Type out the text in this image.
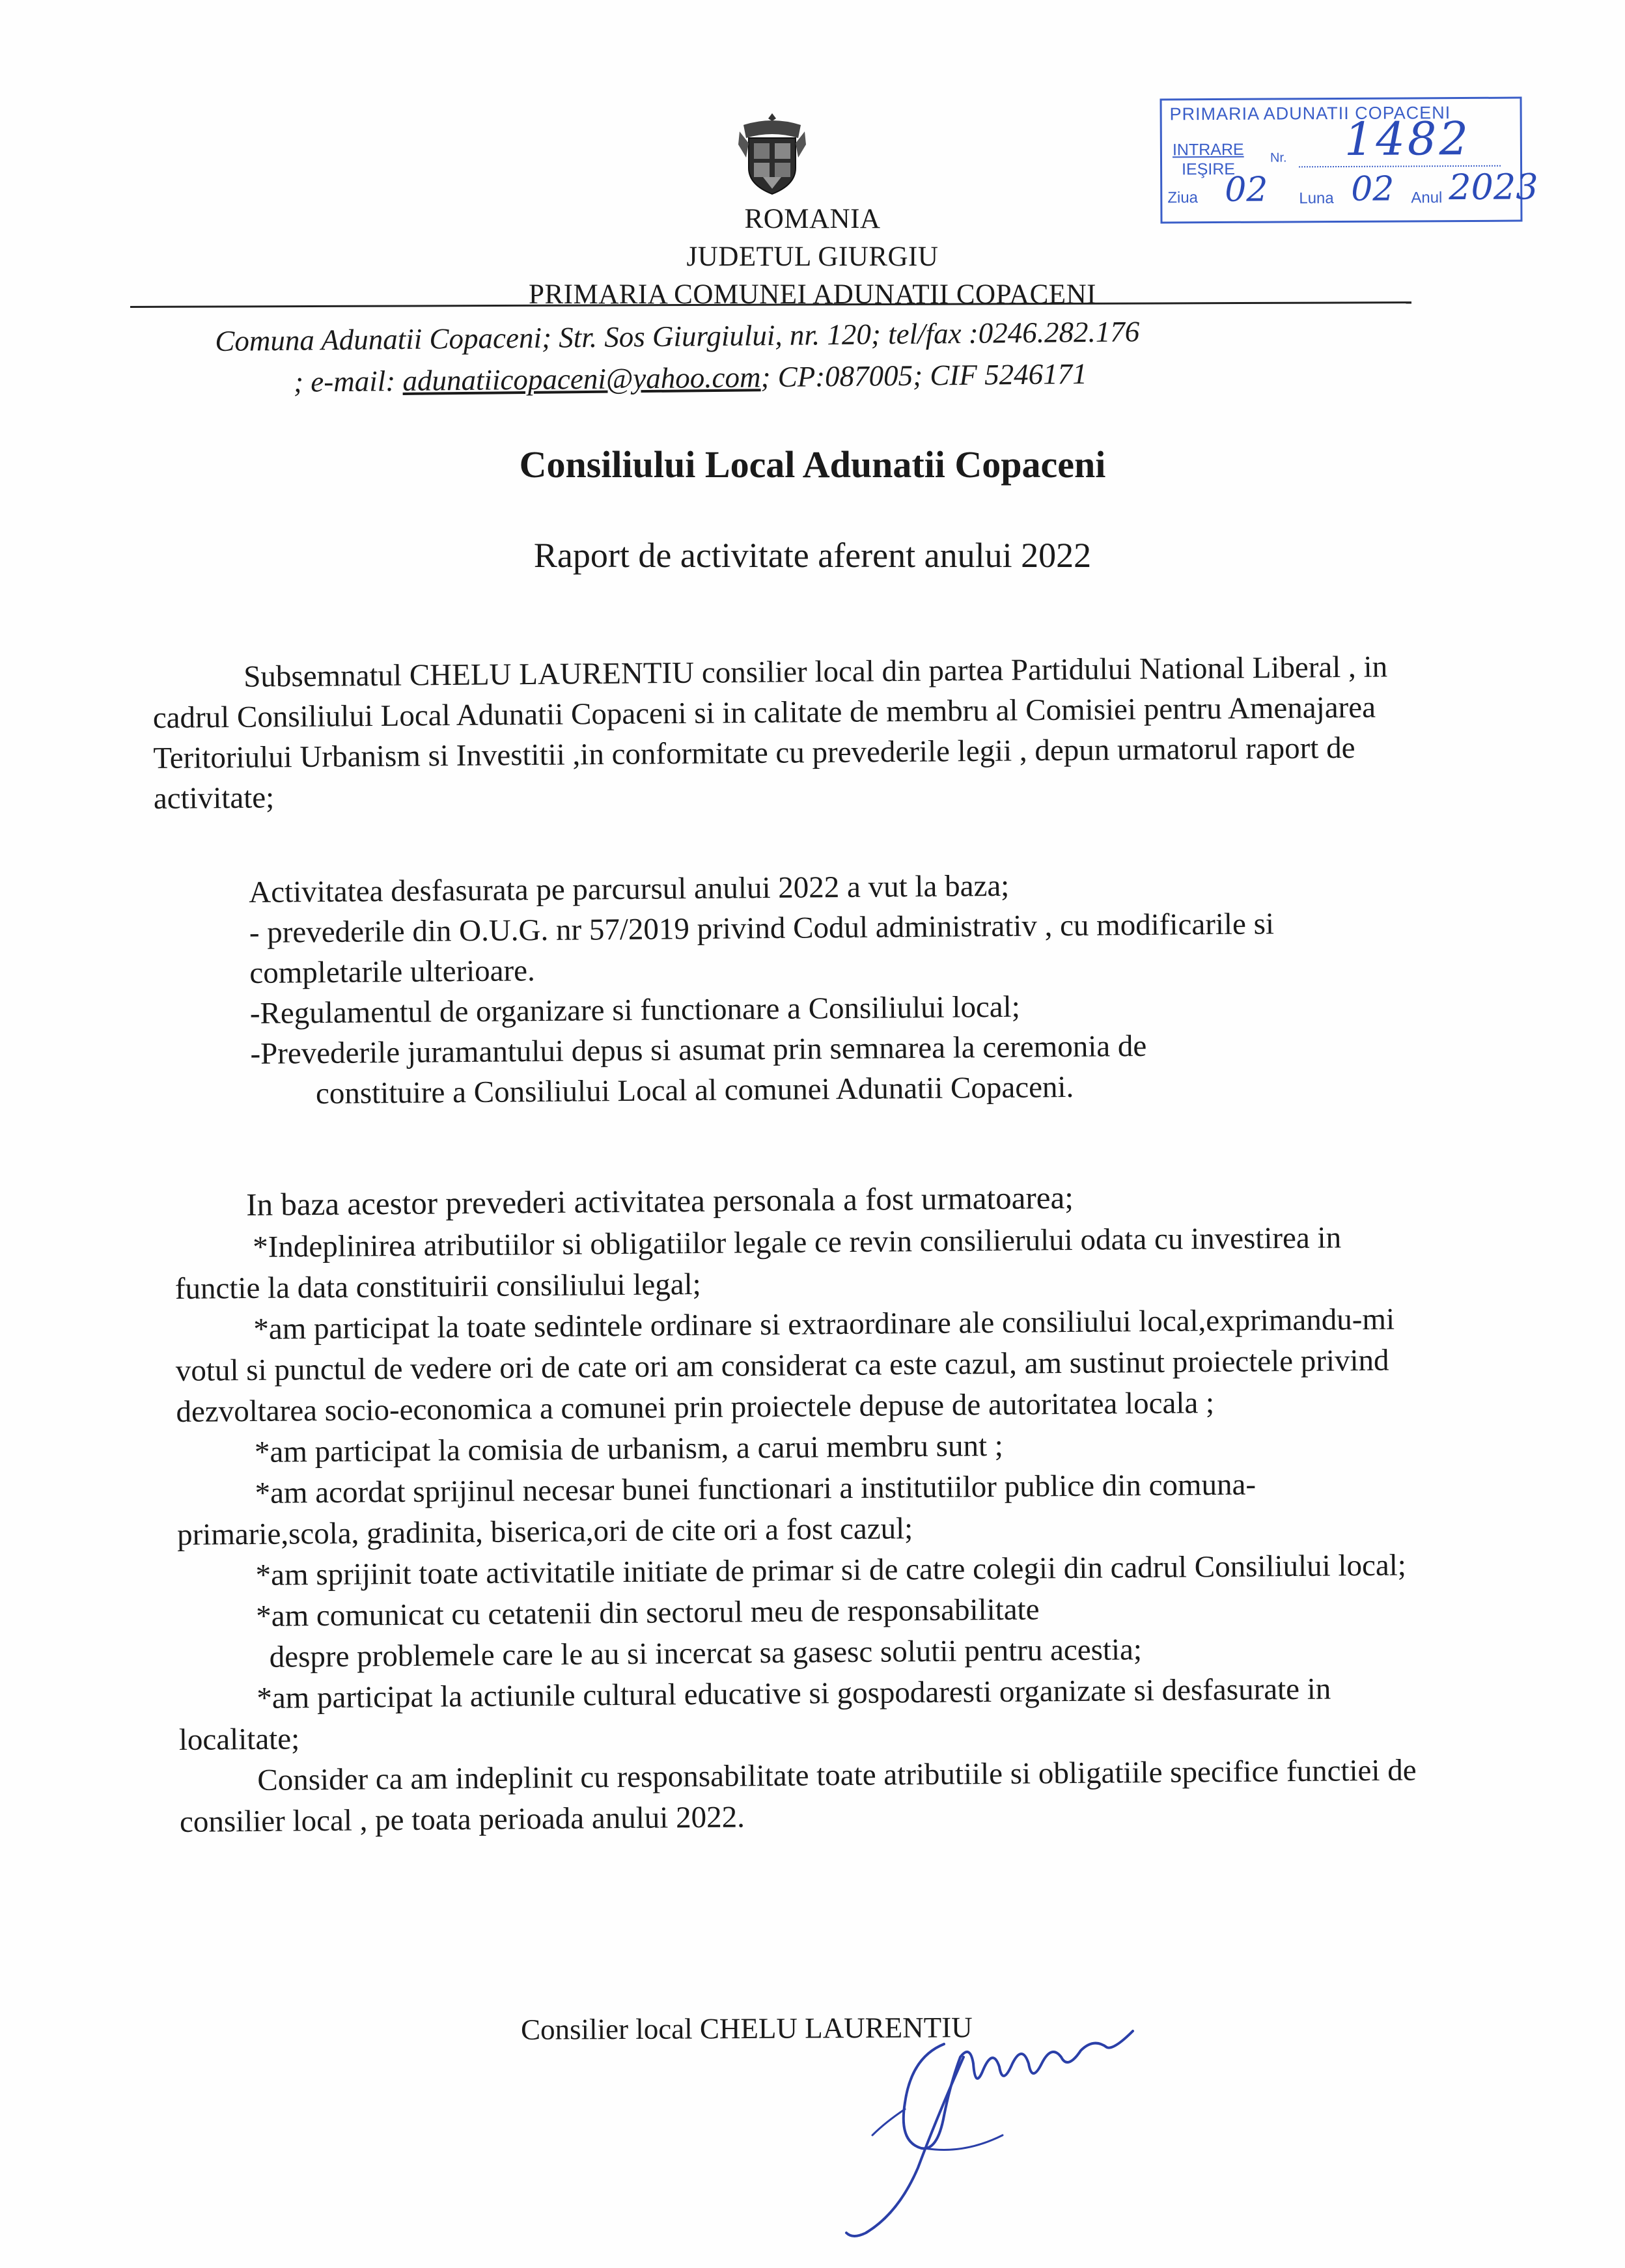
ROMANIA
JUDETUL GIURGIU
PRIMARIA COMUNEI ADUNATII COPACENI
Comuna Adunatii Copaceni; Str. Sos Giurgiului, nr. 120; tel/fax :0246.282.176
; e-mail: adunatiicopaceni@yahoo.com; CP:087005; CIF 5246171
PRIMARIA ADUNATII COPACENI
INTRARE
IEŞIRE
Nr. 1482
Ziua 02 Luna 02 Anul 2023
Consiliului Local Adunatii Copaceni
Raport de activitate aferent anului 2022
Subsemnatul CHELU LAURENTIU consilier local din partea Partidului National Liberal , in cadrul Consiliului Local Adunatii Copaceni si in calitate de membru al Comisiei pentru Amenajarea Teritoriului Urbanism si Investitii ,in conformitate cu prevederile legii , depun urmatorul raport de activitate;
Activitatea desfasurata pe parcursul anului 2022 a vut la baza;
- prevederile din O.U.G. nr 57/2019 privind Codul administrativ , cu modificarile si completarile ulterioare.
-Regulamentul de organizare si functionare a Consiliului local;
-Prevederile juramantului depus si asumat prin semnarea la ceremonia de
constituire a Consiliului Local al comunei Adunatii Copaceni.
In baza acestor prevederi activitatea personala a fost urmatoarea;
*Indeplinirea atributiilor si obligatiilor legale ce revin consilierului odata cu investirea in functie la data constituirii consiliului legal;
*am participat la toate sedintele ordinare si extraordinare ale consiliului local,exprimandu-mi votul si punctul de vedere ori de cate ori am considerat ca este cazul, am sustinut proiectele privind dezvoltarea socio-economica a comunei prin proiectele depuse de autoritatea locala ;
*am participat la comisia de urbanism, a carui membru sunt ;
*am acordat sprijinul necesar bunei functionari a institutiilor publice din comuna-primarie,scola, gradinita, biserica,ori de cite ori a fost cazul;
*am sprijinit toate activitatile initiate de primar si de catre colegii din cadrul Consiliului local;
*am comunicat cu cetatenii din sectorul meu de responsabilitate
despre problemele care le au si incercat sa gasesc solutii pentru acestia;
*am participat la actiunile cultural educative si gospodaresti organizate si desfasurate in localitate;
Consider ca am indeplinit cu responsabilitate toate atributiile si obligatiile specifice functiei de consilier local , pe toata perioada anului 2022.
Consilier local CHELU LAURENTIU
